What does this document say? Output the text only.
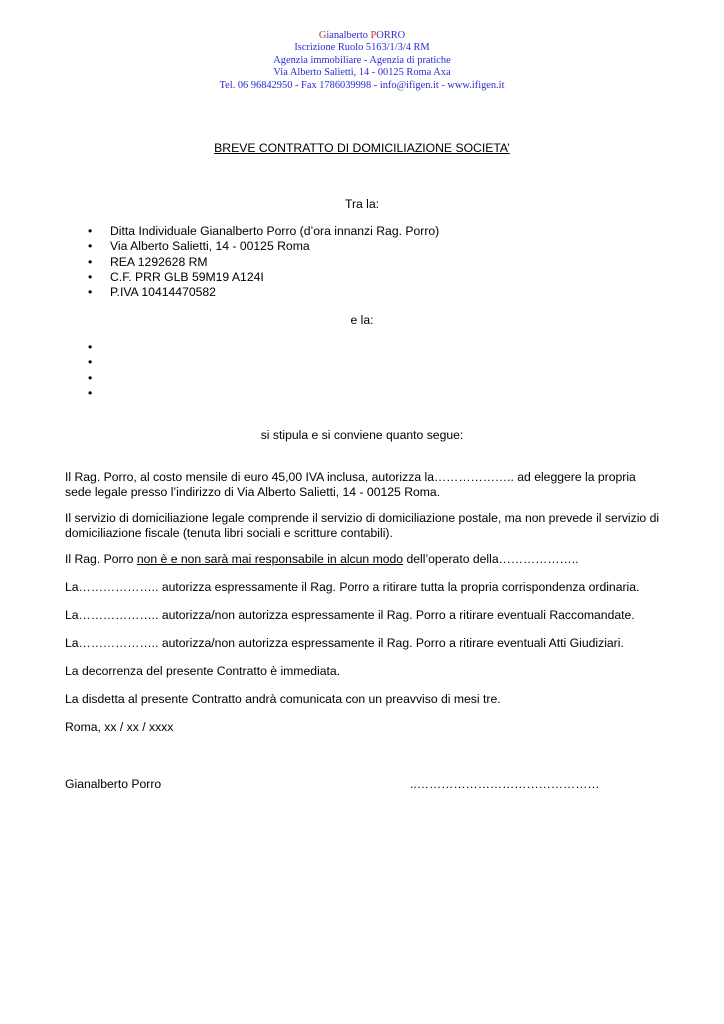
Gianalberto PORRO
Iscrizione Ruolo 5163/1/3/4 RM
Agenzia immobiliare - Agenzia di pratiche
Via Alberto Salietti, 14 - 00125 Roma Axa
Tel. 06 96842950 - Fax 1786039998 - info@ifigen.it - www.ifigen.it
BREVE CONTRATTO DI DOMICILIAZIONE SOCIETA’
Tra la:
• Ditta Individuale Gianalberto Porro (d’ora innanzi Rag. Porro)
• Via Alberto Salietti, 14 - 00125 Roma
• REA 1292628 RM
• C.F. PRR GLB 59M19 A124I
• P.IVA 10414470582
e la:
•
•
•
•
si stipula e si conviene quanto segue:

Il Rag. Porro, al costo mensile di euro 45,00 IVA inclusa, autorizza la……………….. ad eleggere la propria sede legale presso l’indirizzo di Via Alberto Salietti, 14 - 00125 Roma.

Il servizio di domiciliazione legale comprende il servizio di domiciliazione postale, ma non prevede il servizio di domiciliazione fiscale (tenuta libri sociali e scritture contabili).

Il Rag. Porro non è e non sarà mai responsabile in alcun modo dell’operato della………………..

La……………….. autorizza espressamente il Rag. Porro a ritirare tutta la propria corrispondenza ordinaria.

La……………….. autorizza/non autorizza espressamente il Rag. Porro a ritirare eventuali Raccomandate.

La……………….. autorizza/non autorizza espressamente il Rag. Porro a ritirare eventuali Atti Giudiziari.

La decorrenza del presente Contratto è immediata.

La disdetta al presente Contratto andrà comunicata con un preavviso di mesi tre.

Roma, xx / xx / xxxx

Gianalberto Porro	..………………………………………
